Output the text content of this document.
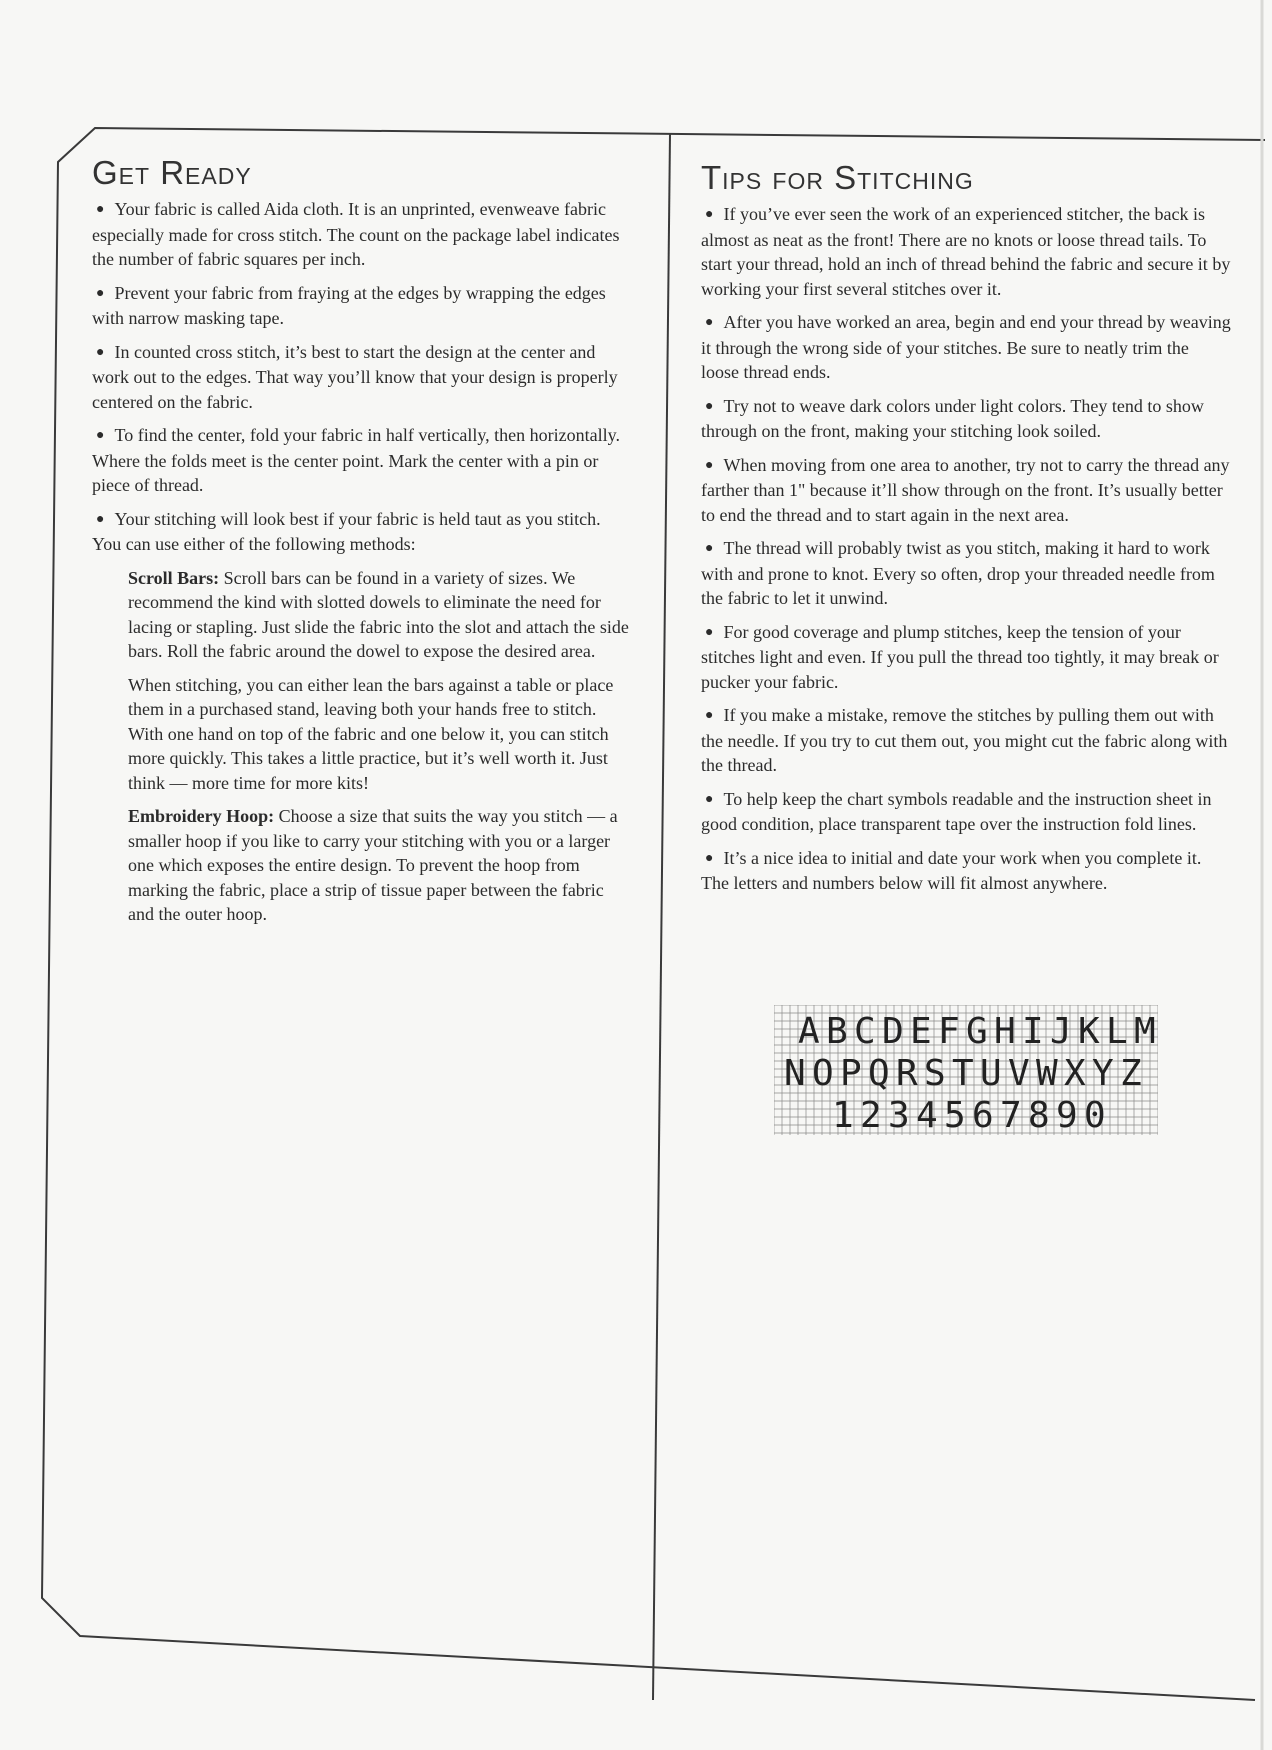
Get Ready

● Your fabric is called Aida cloth. It is an unprinted, evenweave fabric especially made for cross stitch. The count on the package label indicates the number of fabric squares per inch.

● Prevent your fabric from fraying at the edges by wrapping the edges with narrow masking tape.

● In counted cross stitch, it’s best to start the design at the center and work out to the edges. That way you’ll know that your design is properly centered on the fabric.

● To find the center, fold your fabric in half vertically, then horizontally. Where the folds meet is the center point. Mark the center with a pin or piece of thread.

● Your stitching will look best if your fabric is held taut as you stitch. You can use either of the following methods:

Scroll Bars: Scroll bars can be found in a variety of sizes. We recommend the kind with slotted dowels to eliminate the need for lacing or stapling. Just slide the fabric into the slot and attach the side bars. Roll the fabric around the dowel to expose the desired area.

When stitching, you can either lean the bars against a table or place them in a purchased stand, leaving both your hands free to stitch. With one hand on top of the fabric and one below it, you can stitch more quickly. This takes a little practice, but it’s well worth it. Just think — more time for more kits!

Embroidery Hoop: Choose a size that suits the way you stitch — a smaller hoop if you like to carry your stitching with you or a larger one which exposes the entire design. To prevent the hoop from marking the fabric, place a strip of tissue paper between the fabric and the outer hoop.

Tips for Stitching

● If you’ve ever seen the work of an experienced stitcher, the back is almost as neat as the front! There are no knots or loose thread tails. To start your thread, hold an inch of thread behind the fabric and secure it by working your first several stitches over it.

● After you have worked an area, begin and end your thread by weaving it through the wrong side of your stitches. Be sure to neatly trim the loose thread ends.

● Try not to weave dark colors under light colors. They tend to show through on the front, making your stitching look soiled.

● When moving from one area to another, try not to carry the thread any farther than 1" because it’ll show through on the front. It’s usually better to end the thread and to start again in the next area.

● The thread will probably twist as you stitch, making it hard to work with and prone to knot. Every so often, drop your threaded needle from the fabric to let it unwind.

● For good coverage and plump stitches, keep the tension of your stitches light and even. If you pull the thread too tightly, it may break or pucker your fabric.

● If you make a mistake, remove the stitches by pulling them out with the needle. If you try to cut them out, you might cut the fabric along with the thread.

● To help keep the chart symbols readable and the instruction sheet in good condition, place transparent tape over the instruction fold lines.

● It’s a nice idea to initial and date your work when you complete it. The letters and numbers below will fit almost anywhere.

A B C D E F G H I J K L M
N O P Q R S T U V W X Y Z
1 2 3 4 5 6 7 8 9 0
